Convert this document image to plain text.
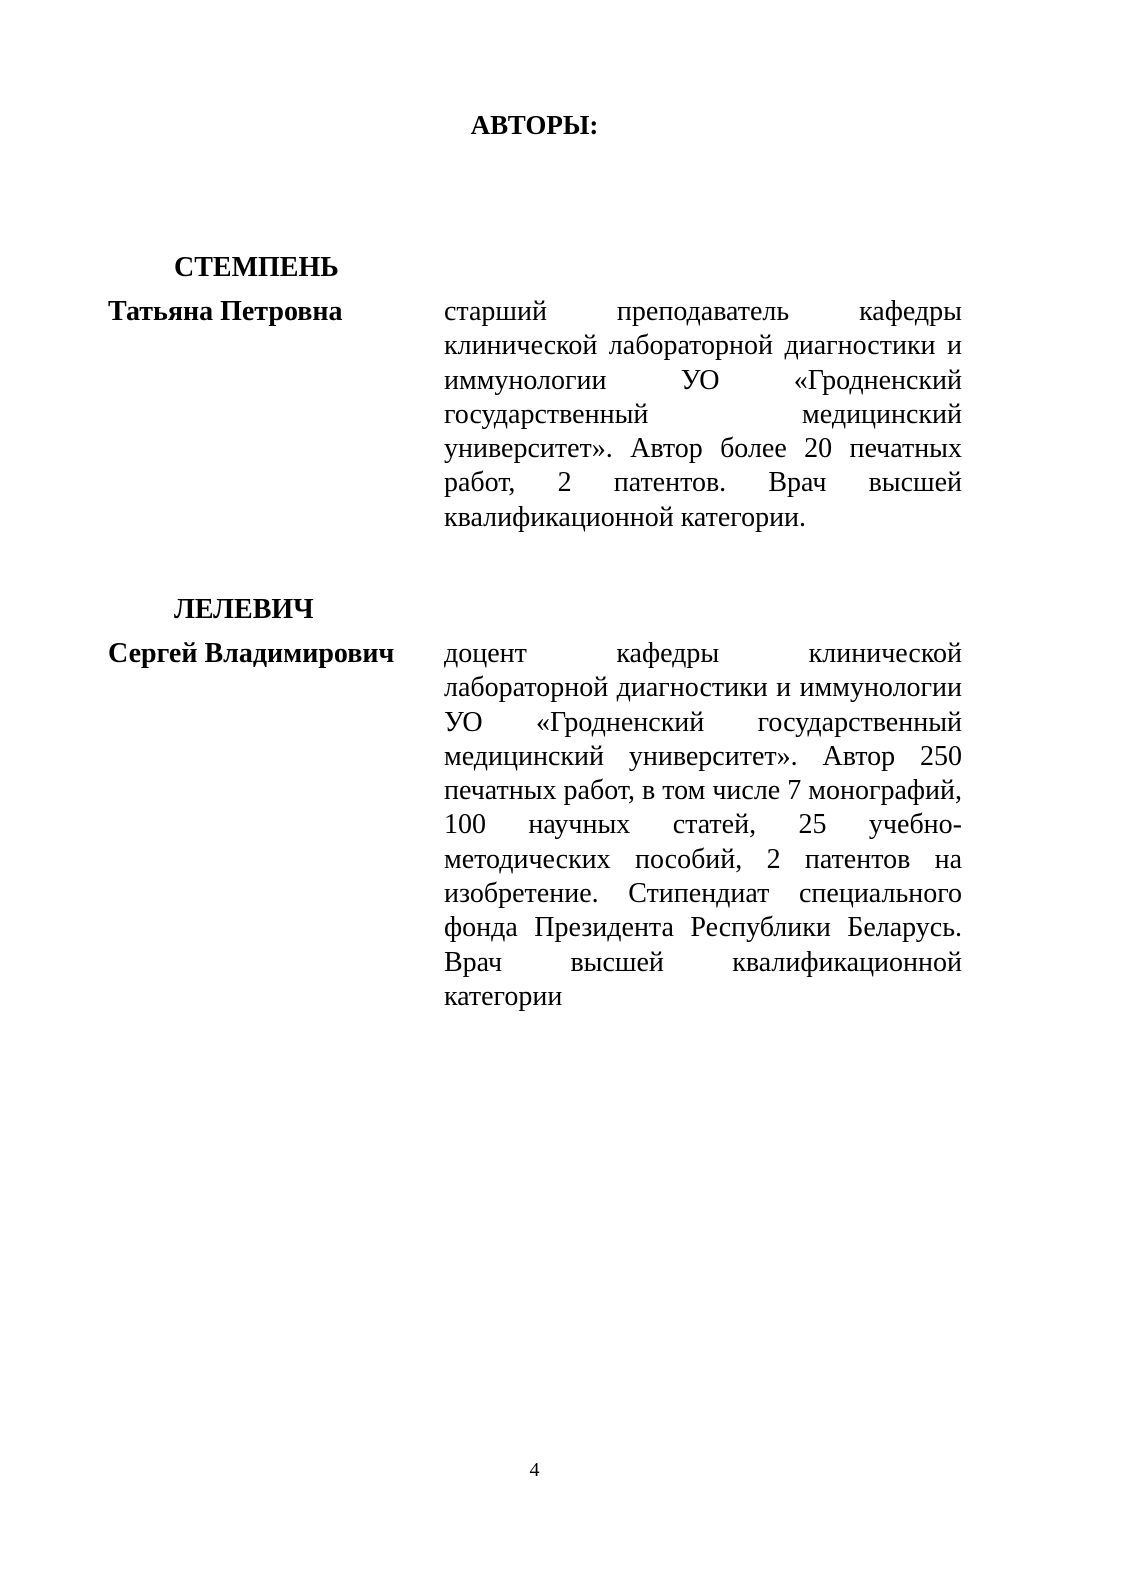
АВТОРЫ:
СТЕМПЕНЬ
Татьяна Петровна	старший преподаватель кафедры клинической лабораторной диагностики и иммунологии УО «Гродненский государственный медицинский университет». Автор более 20 печатных работ, 2 патентов. Врач высшей квалификационной категории.
ЛЕЛЕВИЧ
Сергей Владимирович доцент кафедры клинической лабораторной диагностики и иммунологии УО «Гродненский государственный медицинский университет». Автор 250 печатных работ, в том числе 7 монографий, 100 научных статей, 25 учебно-методических пособий, 2 патентов на изобретение. Стипендиат специального фонда Президента Республики Беларусь. Врач высшей квалификационной категории
4
